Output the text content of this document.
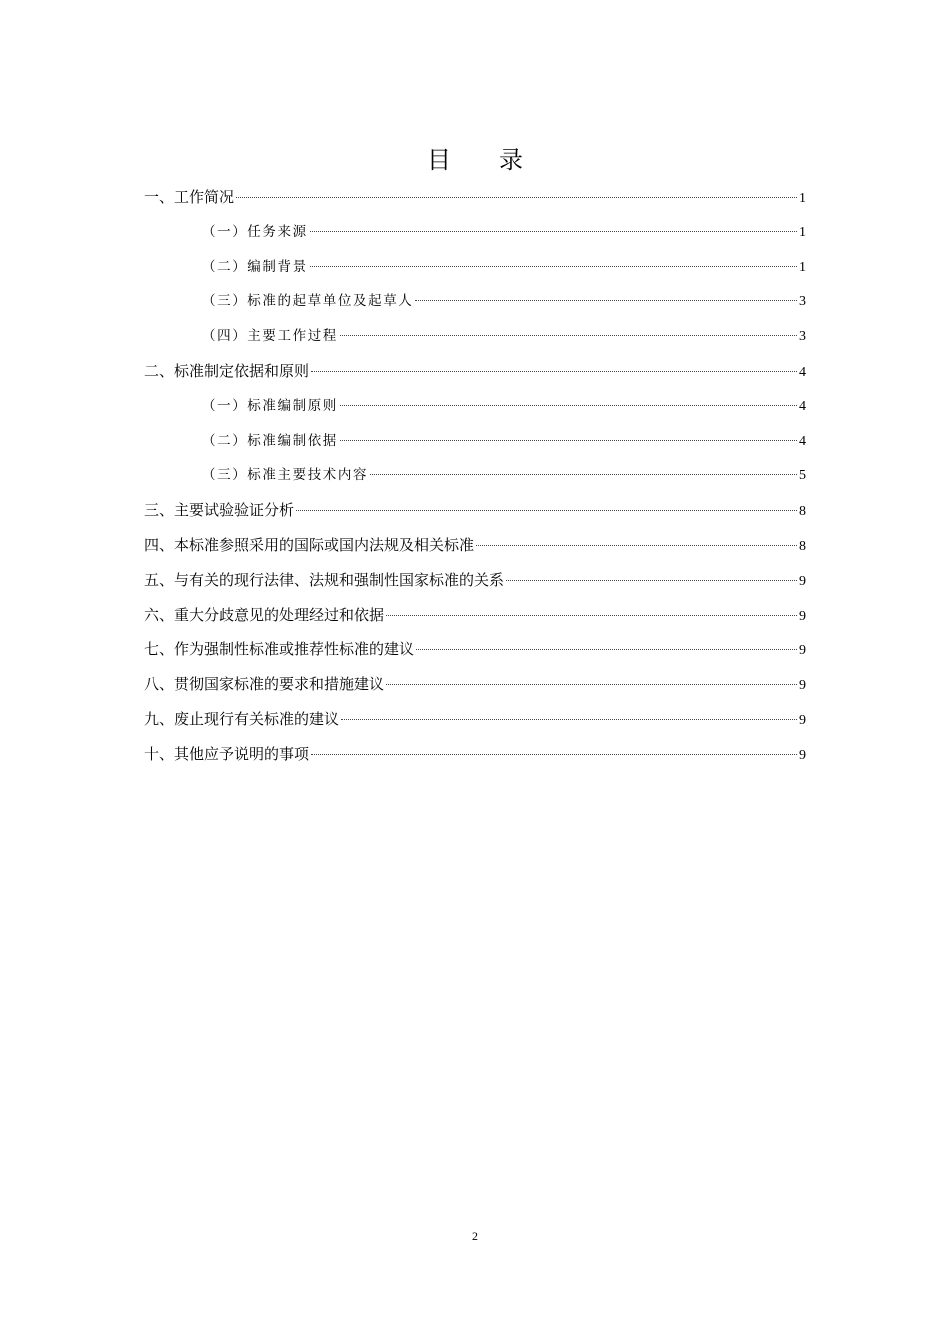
目 录
一、工作简况	1
（一）任务来源	1
（二）编制背景	1
（三）标准的起草单位及起草人	3
（四）主要工作过程	3
二、标准制定依据和原则	4
（一）标准编制原则	4
（二）标准编制依据	4
（三）标准主要技术内容	5
三、主要试验验证分析	8
四、本标准参照采用的国际或国内法规及相关标准	8
五、与有关的现行法律、法规和强制性国家标准的关系	9
六、重大分歧意见的处理经过和依据	9
七、作为强制性标准或推荐性标准的建议	9
八、贯彻国家标准的要求和措施建议	9
九、废止现行有关标准的建议	9
十、其他应予说明的事项	9
2
